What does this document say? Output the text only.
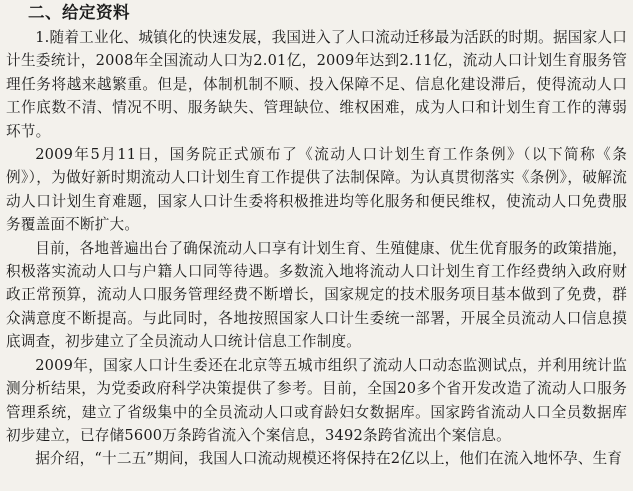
二、给定资料

1.随着工业化、城镇化的快速发展，我国进入了人口流动迁移最为活跃的时期。据国家人口计生委统计，2008年全国流动人口为2.01亿，2009年达到2.11亿，流动人口计划生育服务管理任务将越来越繁重。但是，体制机制不顺、投入保障不足、信息化建设滞后，使得流动人口工作底数不清、情况不明、服务缺失、管理缺位、维权困难，成为人口和计划生育工作的薄弱环节。

2009年5月11日，国务院正式颁布了《流动人口计划生育工作条例》（以下简称《条例》），为做好新时期流动人口计划生育工作提供了法制保障。为认真贯彻落实《条例》，破解流动人口计划生育难题，国家人口计生委将积极推进均等化服务和便民维权，使流动人口免费服务覆盖面不断扩大。

目前，各地普遍出台了确保流动人口享有计划生育、生殖健康、优生优育服务的政策措施，积极落实流动人口与户籍人口同等待遇。多数流入地将流动人口计划生育工作经费纳入政府财政正常预算，流动人口服务管理经费不断增长，国家规定的技术服务项目基本做到了免费，群众满意度不断提高。与此同时，各地按照国家人口计生委统一部署，开展全员流动人口信息摸底调查，初步建立了全员流动人口统计信息工作制度。

2009年，国家人口计生委还在北京等五城市组织了流动人口动态监测试点，并利用统计监测分析结果，为党委政府科学决策提供了参考。目前，全国20多个省开发改造了流动人口服务管理系统，建立了省级集中的全员流动人口或育龄妇女数据库。国家跨省流动人口全员数据库初步建立，已存储5600万条跨省流入个案信息，3492条跨省流出个案信息。

据介绍，“十二五”期间，我国人口流动规模还将保持在2亿以上，他们在流入地怀孕、生育
